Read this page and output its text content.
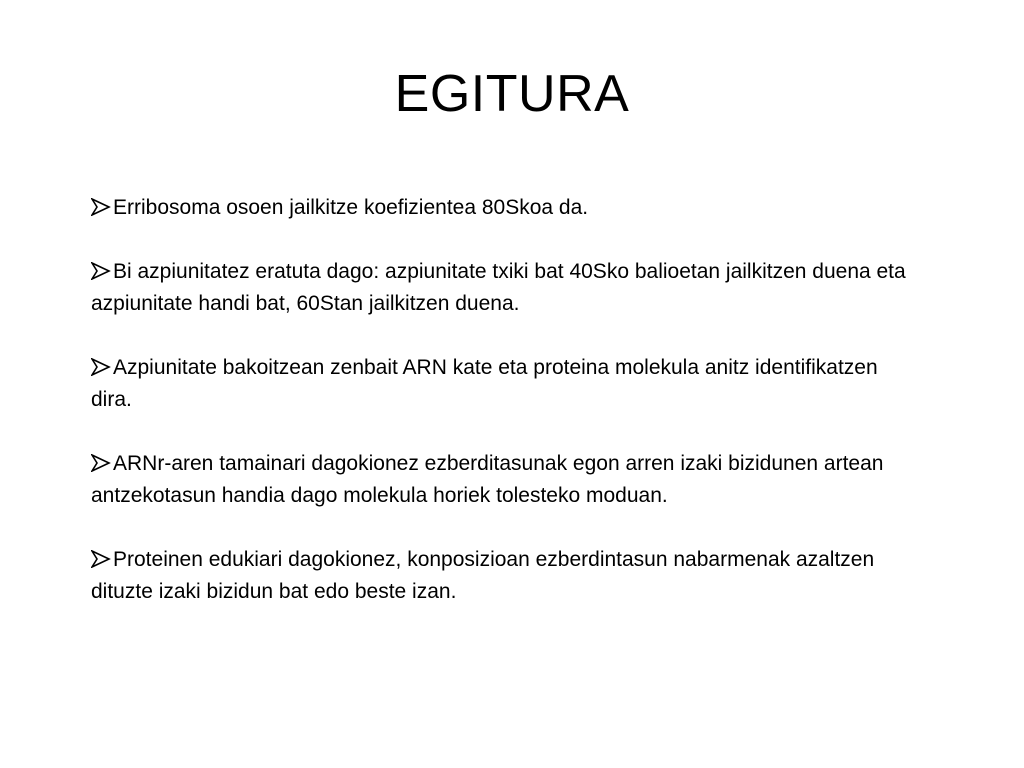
EGITURA
Erribosoma osoen jailkitze koefizientea 80Skoa da.
Bi azpiunitatez eratuta dago: azpiunitate txiki bat 40Sko balioetan jailkitzen duena eta azpiunitate handi bat, 60Stan jailkitzen duena.
Azpiunitate bakoitzean zenbait ARN kate eta proteina molekula anitz identifikatzen dira.
ARNr-aren tamainari dagokionez ezberditasunak egon arren izaki bizidunen artean antzekotasun handia dago molekula horiek tolesteko moduan.
Proteinen edukiari dagokionez, konposizioan ezberdintasun nabarmenak azaltzen dituzte izaki bizidun bat edo beste izan.
